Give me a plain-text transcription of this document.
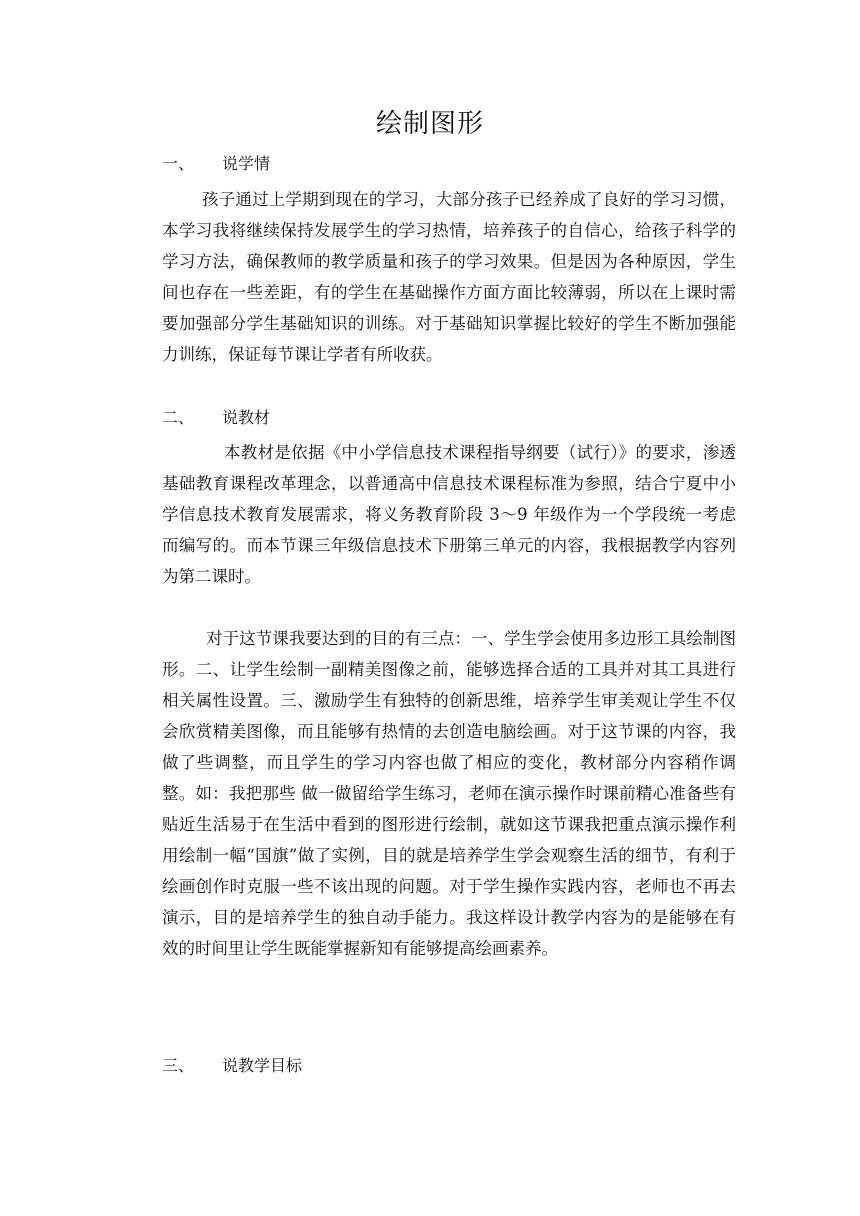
绘制图形
一、 说学情

孩子通过上学期到现在的学习，大部分孩子已经养成了良好的学习习惯，本学习我将继续保持发展学生的学习热情，培养孩子的自信心，给孩子科学的学习方法，确保教师的教学质量和孩子的学习效果。但是因为各种原因，学生间也存在一些差距，有的学生在基础操作方面方面比较薄弱，所以在上课时需要加强部分学生基础知识的训练。对于基础知识掌握比较好的学生不断加强能力训练，保证每节课让学者有所收获。

二、 说教材

本教材是依据《中小学信息技术课程指导纲要（试行）》的要求，渗透基础教育课程改革理念，以普通高中信息技术课程标准为参照，结合宁夏中小学信息技术教育发展需求，将义务教育阶段 3～9 年级作为一个学段统一考虑而编写的。而本节课三年级信息技术下册第三单元的内容，我根据教学内容列为第二课时。

对于这节课我要达到的目的有三点：一、学生学会使用多边形工具绘制图形。二、让学生绘制一副精美图像之前，能够选择合适的工具并对其工具进行相关属性设置。三、激励学生有独特的创新思维，培养学生审美观让学生不仅会欣赏精美图像，而且能够有热情的去创造电脑绘画。对于这节课的内容，我做了些调整，而且学生的学习内容也做了相应的变化，教材部分内容稍作调整。如：我把那些 做一做留给学生练习，老师在演示操作时课前精心准备些有贴近生活易于在生活中看到的图形进行绘制，就如这节课我把重点演示操作利用绘制一幅“国旗”做了实例，目的就是培养学生学会观察生活的细节，有利于绘画创作时克服一些不该出现的问题。对于学生操作实践内容，老师也不再去演示，目的是培养学生的独自动手能力。我这样设计教学内容为的是能够在有效的时间里让学生既能掌握新知有能够提高绘画素养。

三、 说教学目标
